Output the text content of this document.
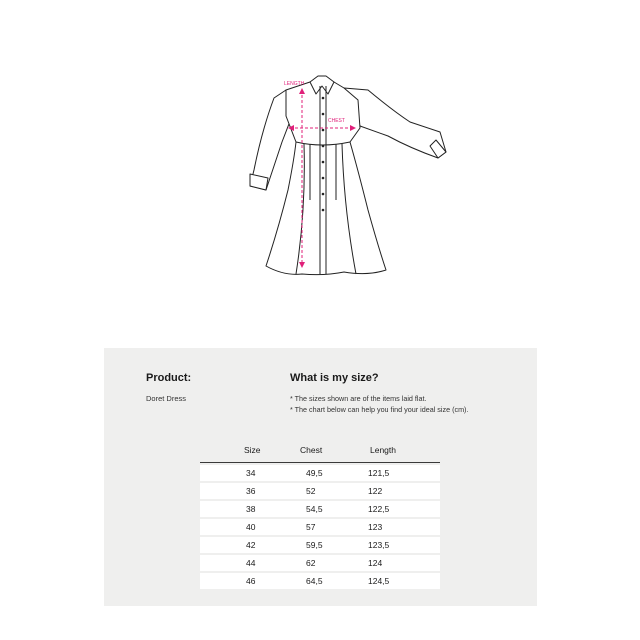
LENGTH
CHEST
Product:
Doret Dress
What is my size?
* The sizes shown are of the items laid flat.
* The chart below can help you find your ideal size (cm).
Size	Chest	Length
34	49,5	121,5
36	52	122
38	54,5	122,5
40	57	123
42	59,5	123,5
44	62	124
46	64,5	124,5
